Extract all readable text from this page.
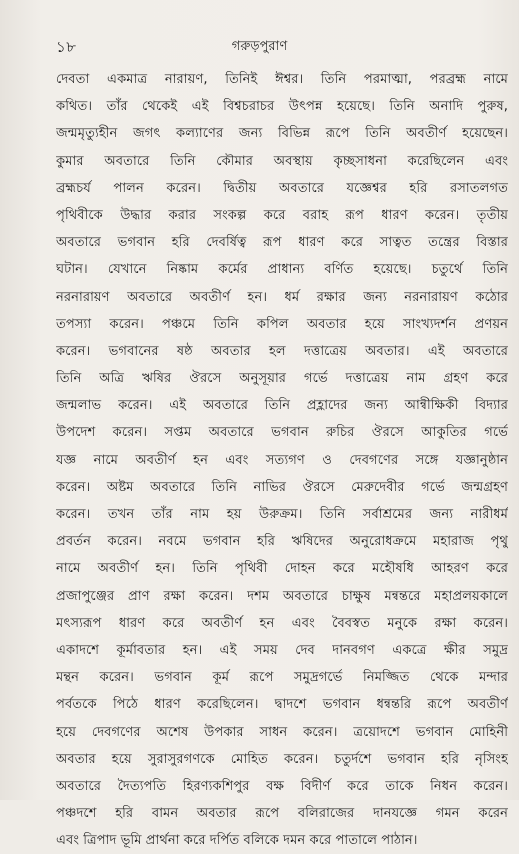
১৮	গরুড়পুরাণ
দেবতা একমাত্র নারায়ণ, তিনিই ঈশ্বর। তিনি পরমাত্মা, পরব্রহ্ম নামে
কথিত। তাঁর থেকেই এই বিশ্বচরাচর উৎপন্ন হয়েছে। তিনি অনাদি পুরুষ,
জন্মমৃত্যুহীন জগৎ কল্যাণের জন্য বিভিন্ন রূপে তিনি অবতীর্ণ হয়েছেন।
কুমার অবতারে তিনি কৌমার অবস্থায় কৃচ্ছসাধনা করেছিলেন এবং
ব্রহ্মচর্য পালন করেন। দ্বিতীয় অবতারে যজ্ঞেশ্বর হরি রসাতলগত
পৃথিবীকে উদ্ধার করার সংকল্প করে বরাহ রূপ ধারণ করেন। তৃতীয়
অবতারে ভগবান হরি দেবর্ষিত্ব রূপ ধারণ করে সাত্বত তন্ত্রের বিস্তার
ঘটান। যেখানে নিষ্কাম কর্মের প্রাধান্য বর্ণিত হয়েছে। চতুর্থে তিনি
নরনারায়ণ অবতারে অবতীর্ণ হন। ধর্ম রক্ষার জন্য নরনারায়ণ কঠোর
তপস্যা করেন। পঞ্চমে তিনি কপিল অবতার হয়ে সাংখ্যদর্শন প্রণয়ন
করেন। ভগবানের ষষ্ঠ অবতার হল দত্তাত্রেয় অবতার। এই অবতারে
তিনি অত্রি ঋষির ঔরসে অনুসূয়ার গর্ভে দত্তাত্রেয় নাম গ্রহণ করে
জন্মলাভ করেন। এই অবতারে তিনি প্রহ্লাদের জন্য আন্বীক্ষিকী বিদ্যার
উপদেশ করেন। সপ্তম অবতারে ভগবান রুচির ঔরসে আকুতির গর্ভে
যজ্ঞ নামে অবতীর্ণ হন এবং সত্যগণ ও দেবগণের সঙ্গে যজ্ঞানুষ্ঠান
করেন। অষ্টম অবতারে তিনি নাভির ঔরসে মেরুদেবীর গর্ভে জন্মগ্রহণ
করেন। তখন তাঁর নাম হয় উরুক্রম। তিনি সর্বাশ্রমের জন্য নারীধর্ম
প্রবর্তন করেন। নবমে ভগবান হরি ঋষিদের অনুরোধক্রমে মহারাজ পৃথু
নামে অবতীর্ণ হন। তিনি পৃথিবী দোহন করে মহৌষধি আহরণ করে
প্রজাপুঞ্জের প্রাণ রক্ষা করেন। দশম অবতারে চাক্ষুষ মন্বন্তরে মহাপ্রলয়কালে
মৎস্যরূপ ধারণ করে অবতীর্ণ হন এবং বৈবস্বত মনুকে রক্ষা করেন।
একাদশে কূর্মাবতার হন। এই সময় দেব দানবগণ একত্রে ক্ষীর সমুদ্র
মন্থন করেন। ভগবান কূর্ম রূপে সমুদ্রগর্ভে নিমজ্জিত থেকে মন্দার
পর্বতকে পিঠে ধারণ করেছিলেন। দ্বাদশে ভগবান ধন্বন্তরি রূপে অবতীর্ণ
হয়ে দেবগণের অশেষ উপকার সাধন করেন। ত্রয়োদশে ভগবান মোহিনী
অবতার হয়ে সুরাসুরগণকে মোহিত করেন। চতুর্দশে ভগবান হরি নৃসিংহ
অবতারে দৈত্যপতি হিরণ্যকশিপুর বক্ষ বিদীর্ণ করে তাকে নিধন করেন।
পঞ্চদশে হরি বামন অবতার রূপে বলিরাজের দানযজ্ঞে গমন করেন
এবং ত্রিপাদ ভূমি প্রার্থনা করে দর্পিত বলিকে দমন করে পাতালে পাঠান।
